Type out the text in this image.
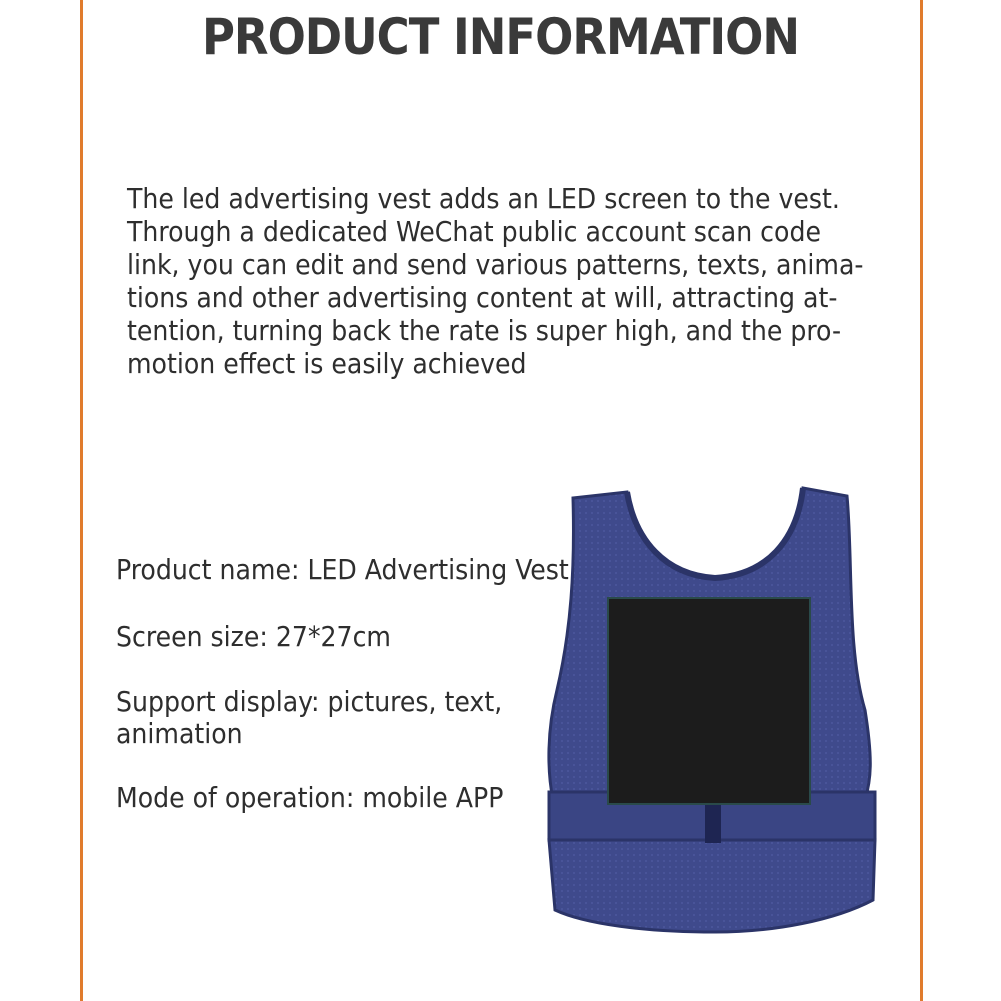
PRODUCT INFORMATION
The led advertising vest adds an LED screen to the vest.
Through a dedicated WeChat public account scan code
link, you can edit and send various patterns, texts, anima-
tions and other advertising content at will, attracting at-
tention, turning back the rate is super high, and the pro-
motion effect is easily achieved
Product name: LED Advertising Vest
Screen size: 27*27cm
Support display: pictures, text,
animation
Mode of operation: mobile APP
